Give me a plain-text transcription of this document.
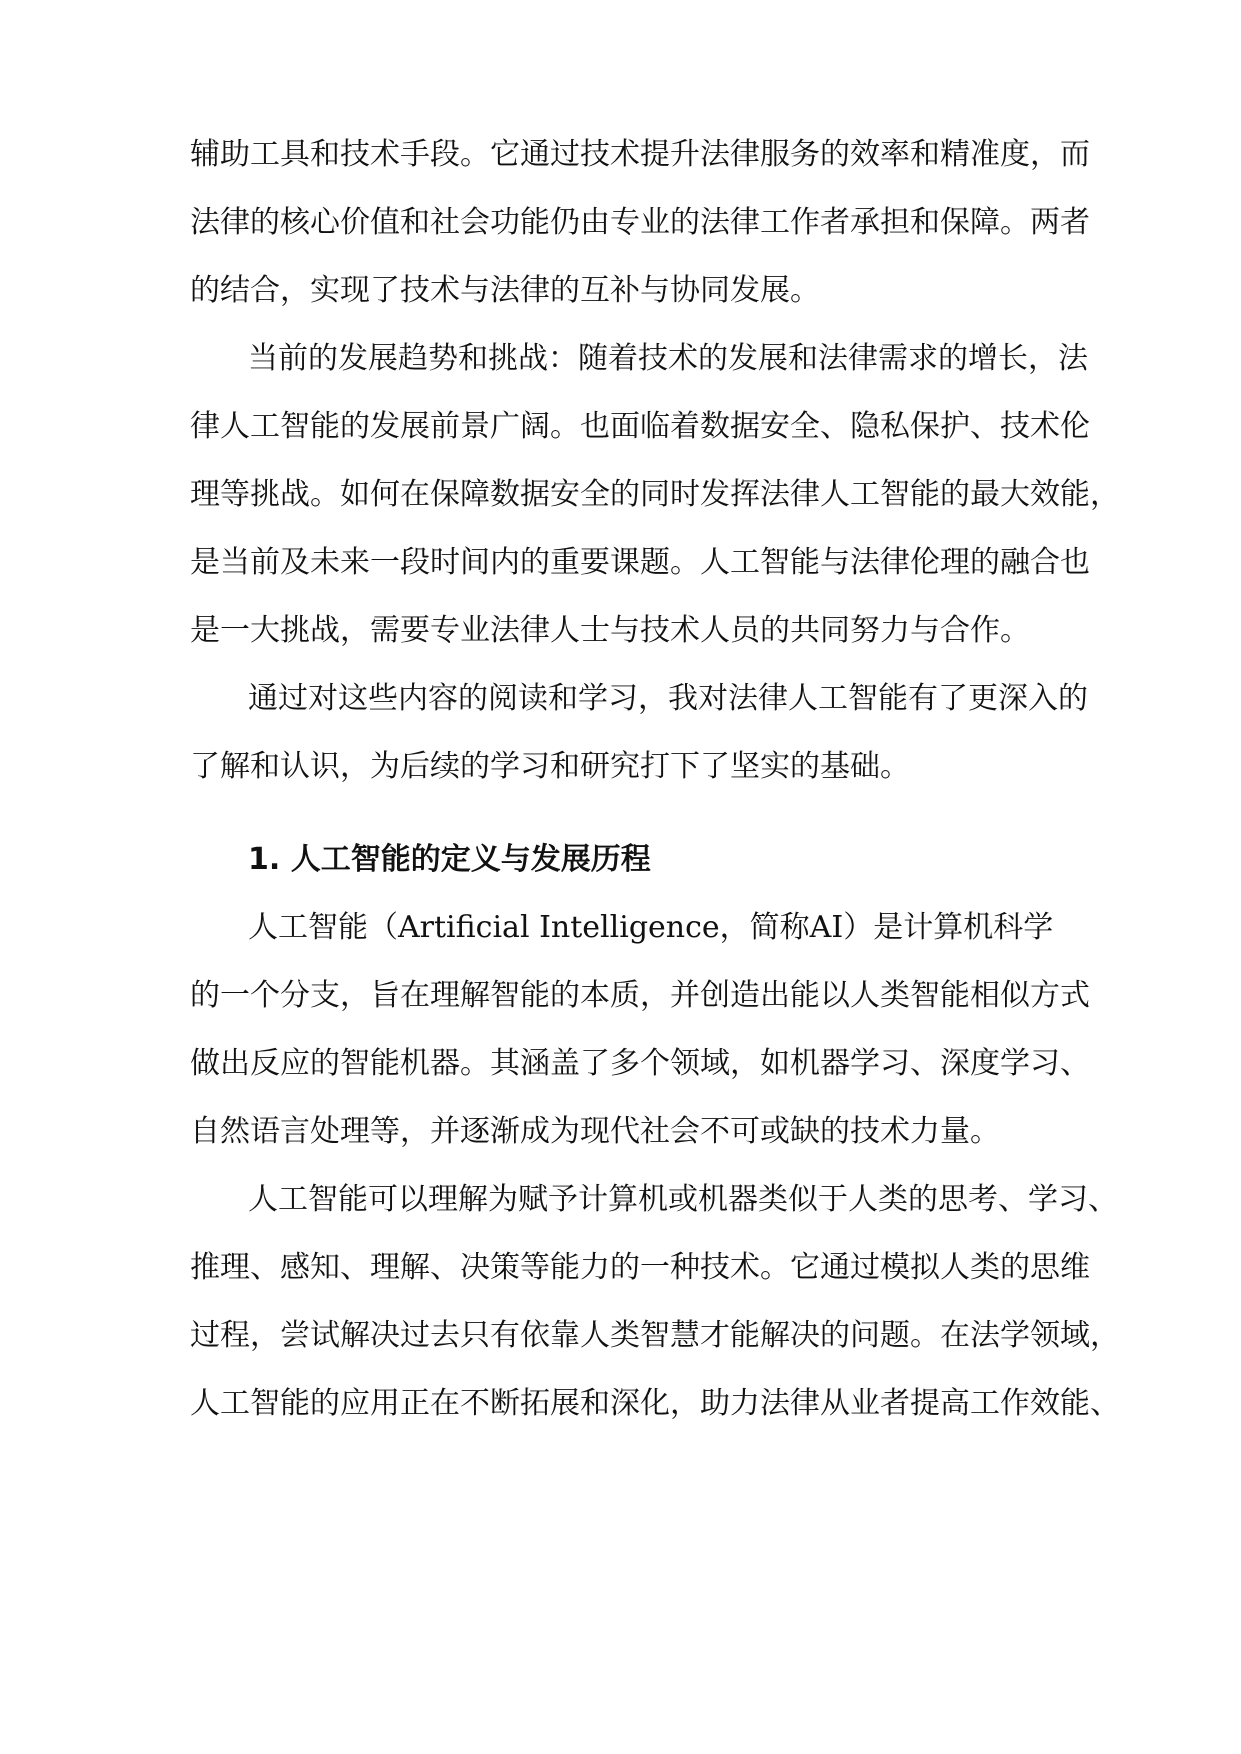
辅助工具和技术手段。它通过技术提升法律服务的效率和精准度，而
法律的核心价值和社会功能仍由专业的法律工作者承担和保障。两者
的结合，实现了技术与法律的互补与协同发展。
当前的发展趋势和挑战：随着技术的发展和法律需求的增长，法
律人工智能的发展前景广阔。也面临着数据安全、隐私保护、技术伦
理等挑战。如何在保障数据安全的同时发挥法律人工智能的最大效能，
是当前及未来一段时间内的重要课题。人工智能与法律伦理的融合也
是一大挑战，需要专业法律人士与技术人员的共同努力与合作。
通过对这些内容的阅读和学习，我对法律人工智能有了更深入的
了解和认识，为后续的学习和研究打下了坚实的基础。
1. 人工智能的定义与发展历程
人工智能（Artificial Intelligence，简称AI）是计算机科学
的一个分支，旨在理解智能的本质，并创造出能以人类智能相似方式
做出反应的智能机器。其涵盖了多个领域，如机器学习、深度学习、
自然语言处理等，并逐渐成为现代社会不可或缺的技术力量。
人工智能可以理解为赋予计算机或机器类似于人类的思考、学习、
推理、感知、理解、决策等能力的一种技术。它通过模拟人类的思维
过程，尝试解决过去只有依靠人类智慧才能解决的问题。在法学领域，
人工智能的应用正在不断拓展和深化，助力法律从业者提高工作效能、
